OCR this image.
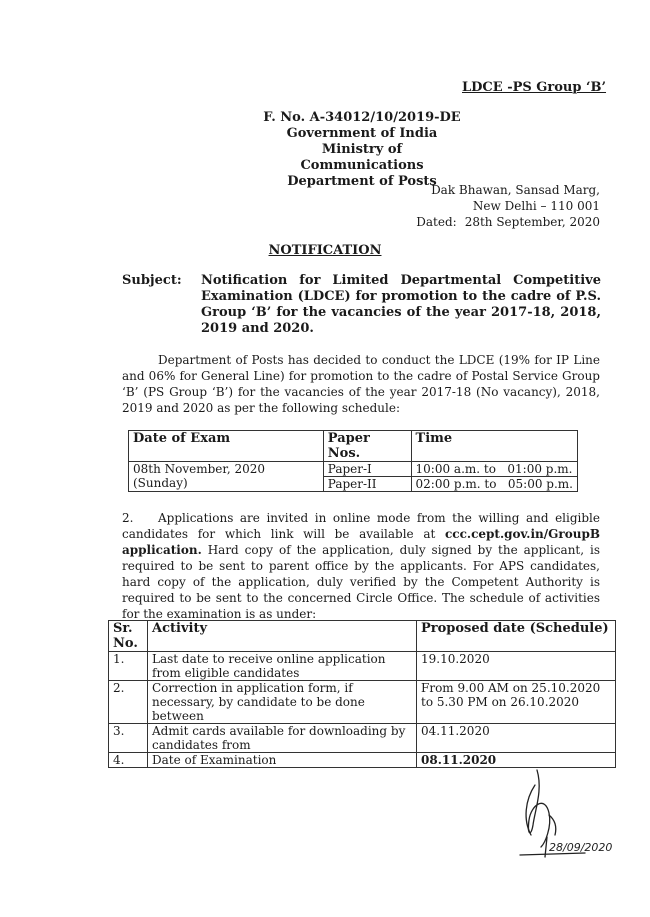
LDCE -PS Group ‘B’
F. No. A-34012/10/2019-DE
Government of India
Ministry of Communications
Department of Posts
Dak Bhawan, Sansad Marg,
New Delhi – 110 001
Dated: 28th September, 2020
NOTIFICATION
Subject: Notification for Limited Departmental Competitive Examination (LDCE) for promotion to the cadre of P.S. Group ‘B’ for the vacancies of the year 2017-18, 2018, 2019 and 2020.
Department of Posts has decided to conduct the LDCE (19% for IP Line and 06% for General Line) for promotion to the cadre of Postal Service Group ‘B’ (PS Group ‘B’) for the vacancies of the year 2017-18 (No vacancy), 2018, 2019 and 2020 as per the following schedule:
Date of Exam	Paper Nos.	Time
08th November, 2020 (Sunday)	Paper-I	10:00 a.m. to   01:00 p.m.
	Paper-II	02:00 p.m. to   05:00 p.m.
2. Applications are invited in online mode from the willing and eligible candidates for which link will be available at ccc.cept.gov.in/GroupB application. Hard copy of the application, duly signed by the applicant, is required to be sent to parent office by the applicants. For APS candidates, hard copy of the application, duly verified by the Competent Authority is required to be sent to the concerned Circle Office. The schedule of activities for the examination is as under:
Sr. No.	Activity	Proposed date (Schedule)
1.	Last date to receive online application from eligible candidates	19.10.2020
2.	Correction in application form, if necessary, by candidate to be done between	From 9.00 AM on 25.10.2020 to 5.30 PM on 26.10.2020
3.	Admit cards available for downloading by candidates from	04.11.2020
4.	Date of Examination	08.11.2020
28/09/2020
